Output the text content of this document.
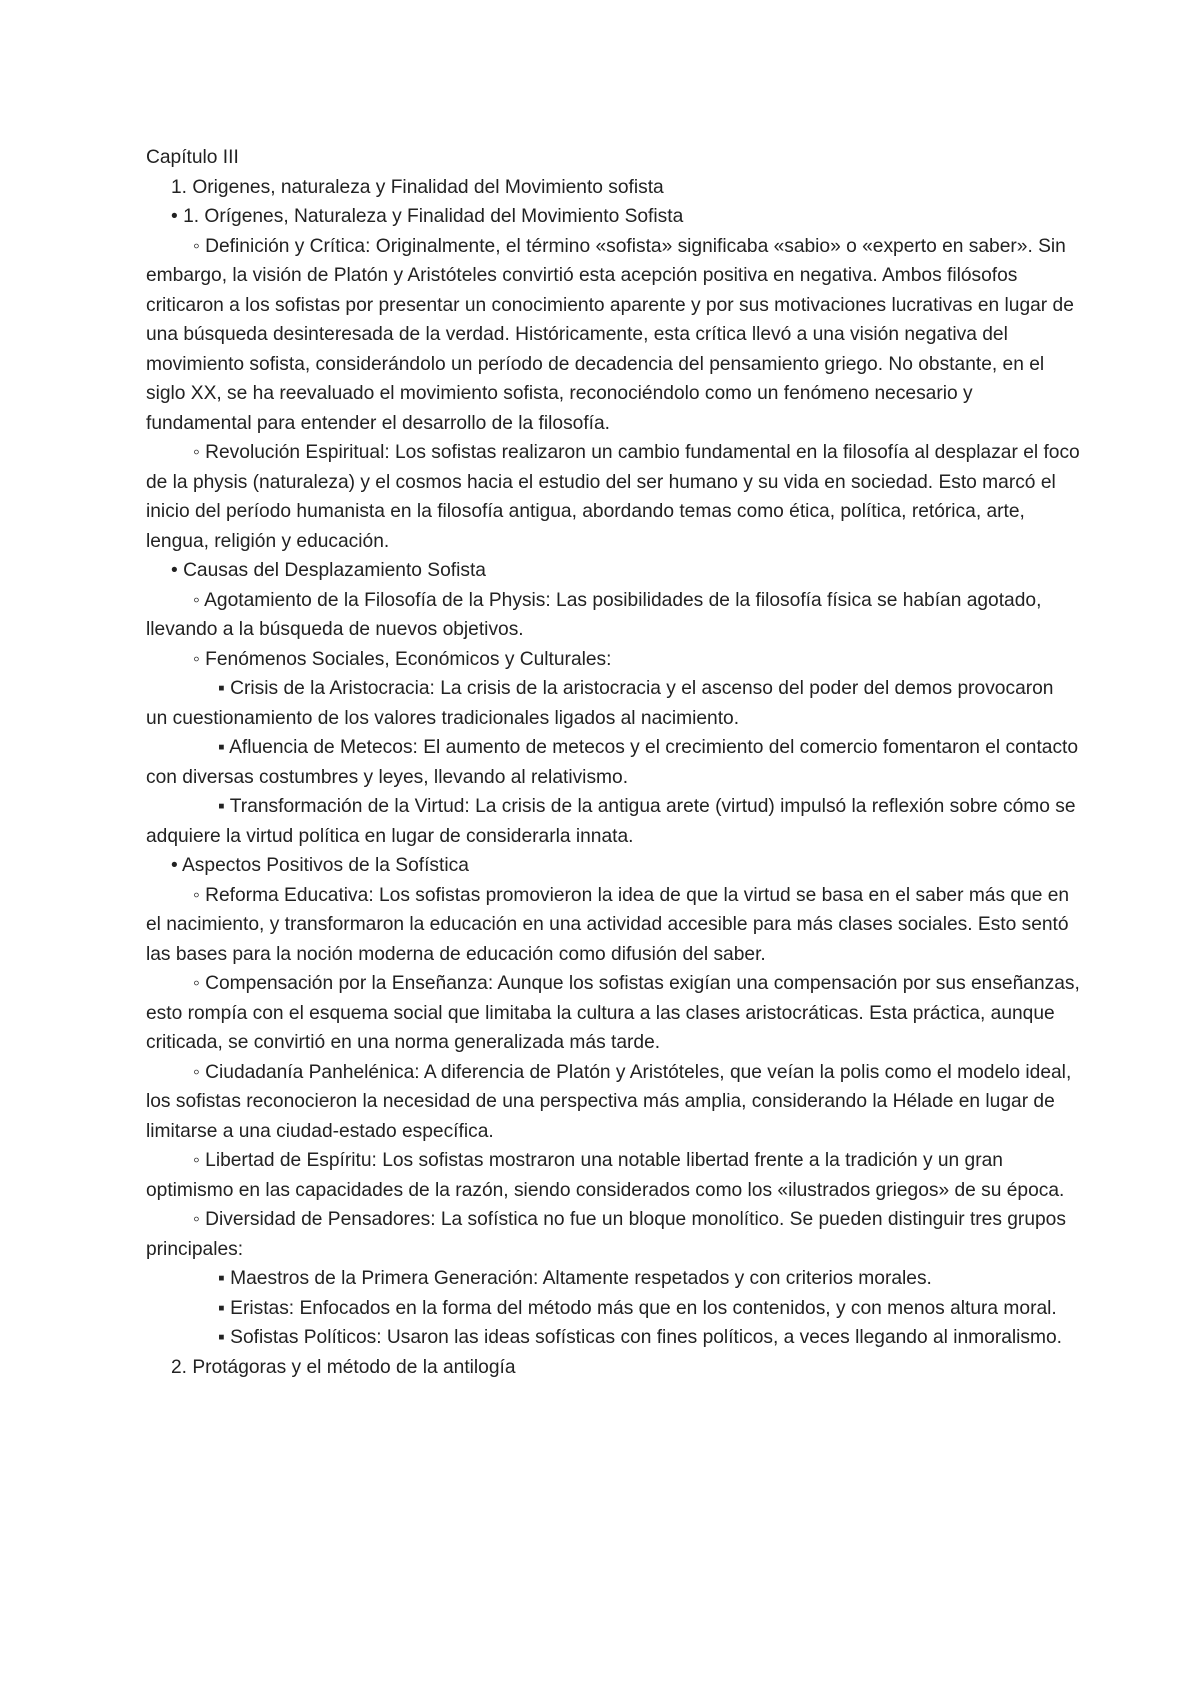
Capítulo III
1. Origenes, naturaleza y Finalidad del Movimiento sofista
• 1. Orígenes, Naturaleza y Finalidad del Movimiento Sofista
◦ Definición y Crítica: Originalmente, el término «sofista» significaba «sabio» o «experto en saber». Sin embargo, la visión de Platón y Aristóteles convirtió esta acepción positiva en negativa. Ambos filósofos criticaron a los sofistas por presentar un conocimiento aparente y por sus motivaciones lucrativas en lugar de una búsqueda desinteresada de la verdad. Históricamente, esta crítica llevó a una visión negativa del movimiento sofista, considerándolo un período de decadencia del pensamiento griego. No obstante, en el siglo XX, se ha reevaluado el movimiento sofista, reconociéndolo como un fenómeno necesario y fundamental para entender el desarrollo de la filosofía.
◦ Revolución Espiritual: Los sofistas realizaron un cambio fundamental en la filosofía al desplazar el foco de la physis (naturaleza) y el cosmos hacia el estudio del ser humano y su vida en sociedad. Esto marcó el inicio del período humanista en la filosofía antigua, abordando temas como ética, política, retórica, arte, lengua, religión y educación.
• Causas del Desplazamiento Sofista
◦ Agotamiento de la Filosofía de la Physis: Las posibilidades de la filosofía física se habían agotado, llevando a la búsqueda de nuevos objetivos.
◦ Fenómenos Sociales, Económicos y Culturales:
▪ Crisis de la Aristocracia: La crisis de la aristocracia y el ascenso del poder del demos provocaron un cuestionamiento de los valores tradicionales ligados al nacimiento.
▪ Afluencia de Metecos: El aumento de metecos y el crecimiento del comercio fomentaron el contacto con diversas costumbres y leyes, llevando al relativismo.
▪ Transformación de la Virtud: La crisis de la antigua arete (virtud) impulsó la reflexión sobre cómo se adquiere la virtud política en lugar de considerarla innata.
• Aspectos Positivos de la Sofística
◦ Reforma Educativa: Los sofistas promovieron la idea de que la virtud se basa en el saber más que en el nacimiento, y transformaron la educación en una actividad accesible para más clases sociales. Esto sentó las bases para la noción moderna de educación como difusión del saber.
◦ Compensación por la Enseñanza: Aunque los sofistas exigían una compensación por sus enseñanzas, esto rompía con el esquema social que limitaba la cultura a las clases aristocráticas. Esta práctica, aunque criticada, se convirtió en una norma generalizada más tarde.
◦ Ciudadanía Panhelénica: A diferencia de Platón y Aristóteles, que veían la polis como el modelo ideal, los sofistas reconocieron la necesidad de una perspectiva más amplia, considerando la Hélade en lugar de limitarse a una ciudad-estado específica.
◦ Libertad de Espíritu: Los sofistas mostraron una notable libertad frente a la tradición y un gran optimismo en las capacidades de la razón, siendo considerados como los «ilustrados griegos» de su época.
◦ Diversidad de Pensadores: La sofística no fue un bloque monolítico. Se pueden distinguir tres grupos principales:
▪ Maestros de la Primera Generación: Altamente respetados y con criterios morales.
▪ Eristas: Enfocados en la forma del método más que en los contenidos, y con menos altura moral.
▪ Sofistas Políticos: Usaron las ideas sofísticas con fines políticos, a veces llegando al inmoralismo.
2. Protágoras y el método de la antilogía
